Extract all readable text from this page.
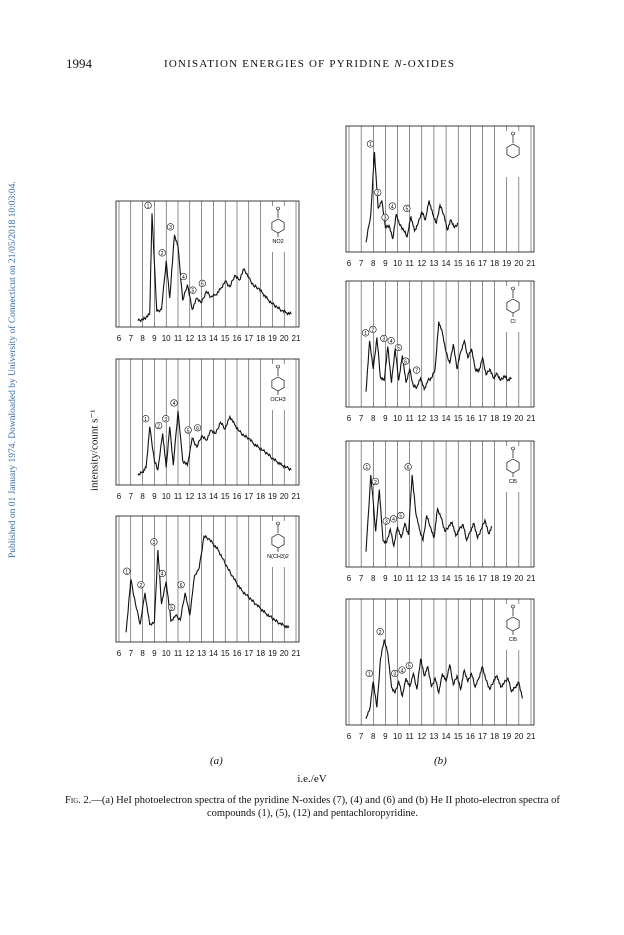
1994	IONISATION ENERGIES OF PYRIDINE N-OXIDES
Published on 01 January 1974. Downloaded by University of Connecticut on 21/05/2018 10:03:04.	intensity/count s⁻¹
6 7 8 9 10 11 12 13 14 15 16 17 18 19 20 21
1
2
3
4
5
6
NO2
6 7 8 9 10 11 12 13 14 15 16 17 18 19 20 21
1
2
3
4
5 6
OCH3
6 7 8 9 10 11 12 13 14 15 16 17 18 19 20 21
1
2
3
4
5
6
N(CH3)2
6 7 8 9 10 11 12 13 14 15 16 17 18 19 20 21
1
2
3
4 5
6 7 8 9 10 11 12 13 14 15 16 17 18 19 20 21
1
2
3 4
5
6
7
Cl
6 7 8 9 10 11 12 13 14 15 16 17 18 19 20 21
1
2
3 4
5
6
Cl5
6 7 8 9 10 11 12 13 14 15 16 17 18 19 20 21
1
2
3
4
5
Cl5
(a)	(b)
i.e./eV
Fig. 2.—(a) HeI photoelectron spectra of the pyridine N-oxides (7), (4) and (6) and (b) He II photo-electron spectra of compounds (1), (5), (12) and pentachloropyridine.
